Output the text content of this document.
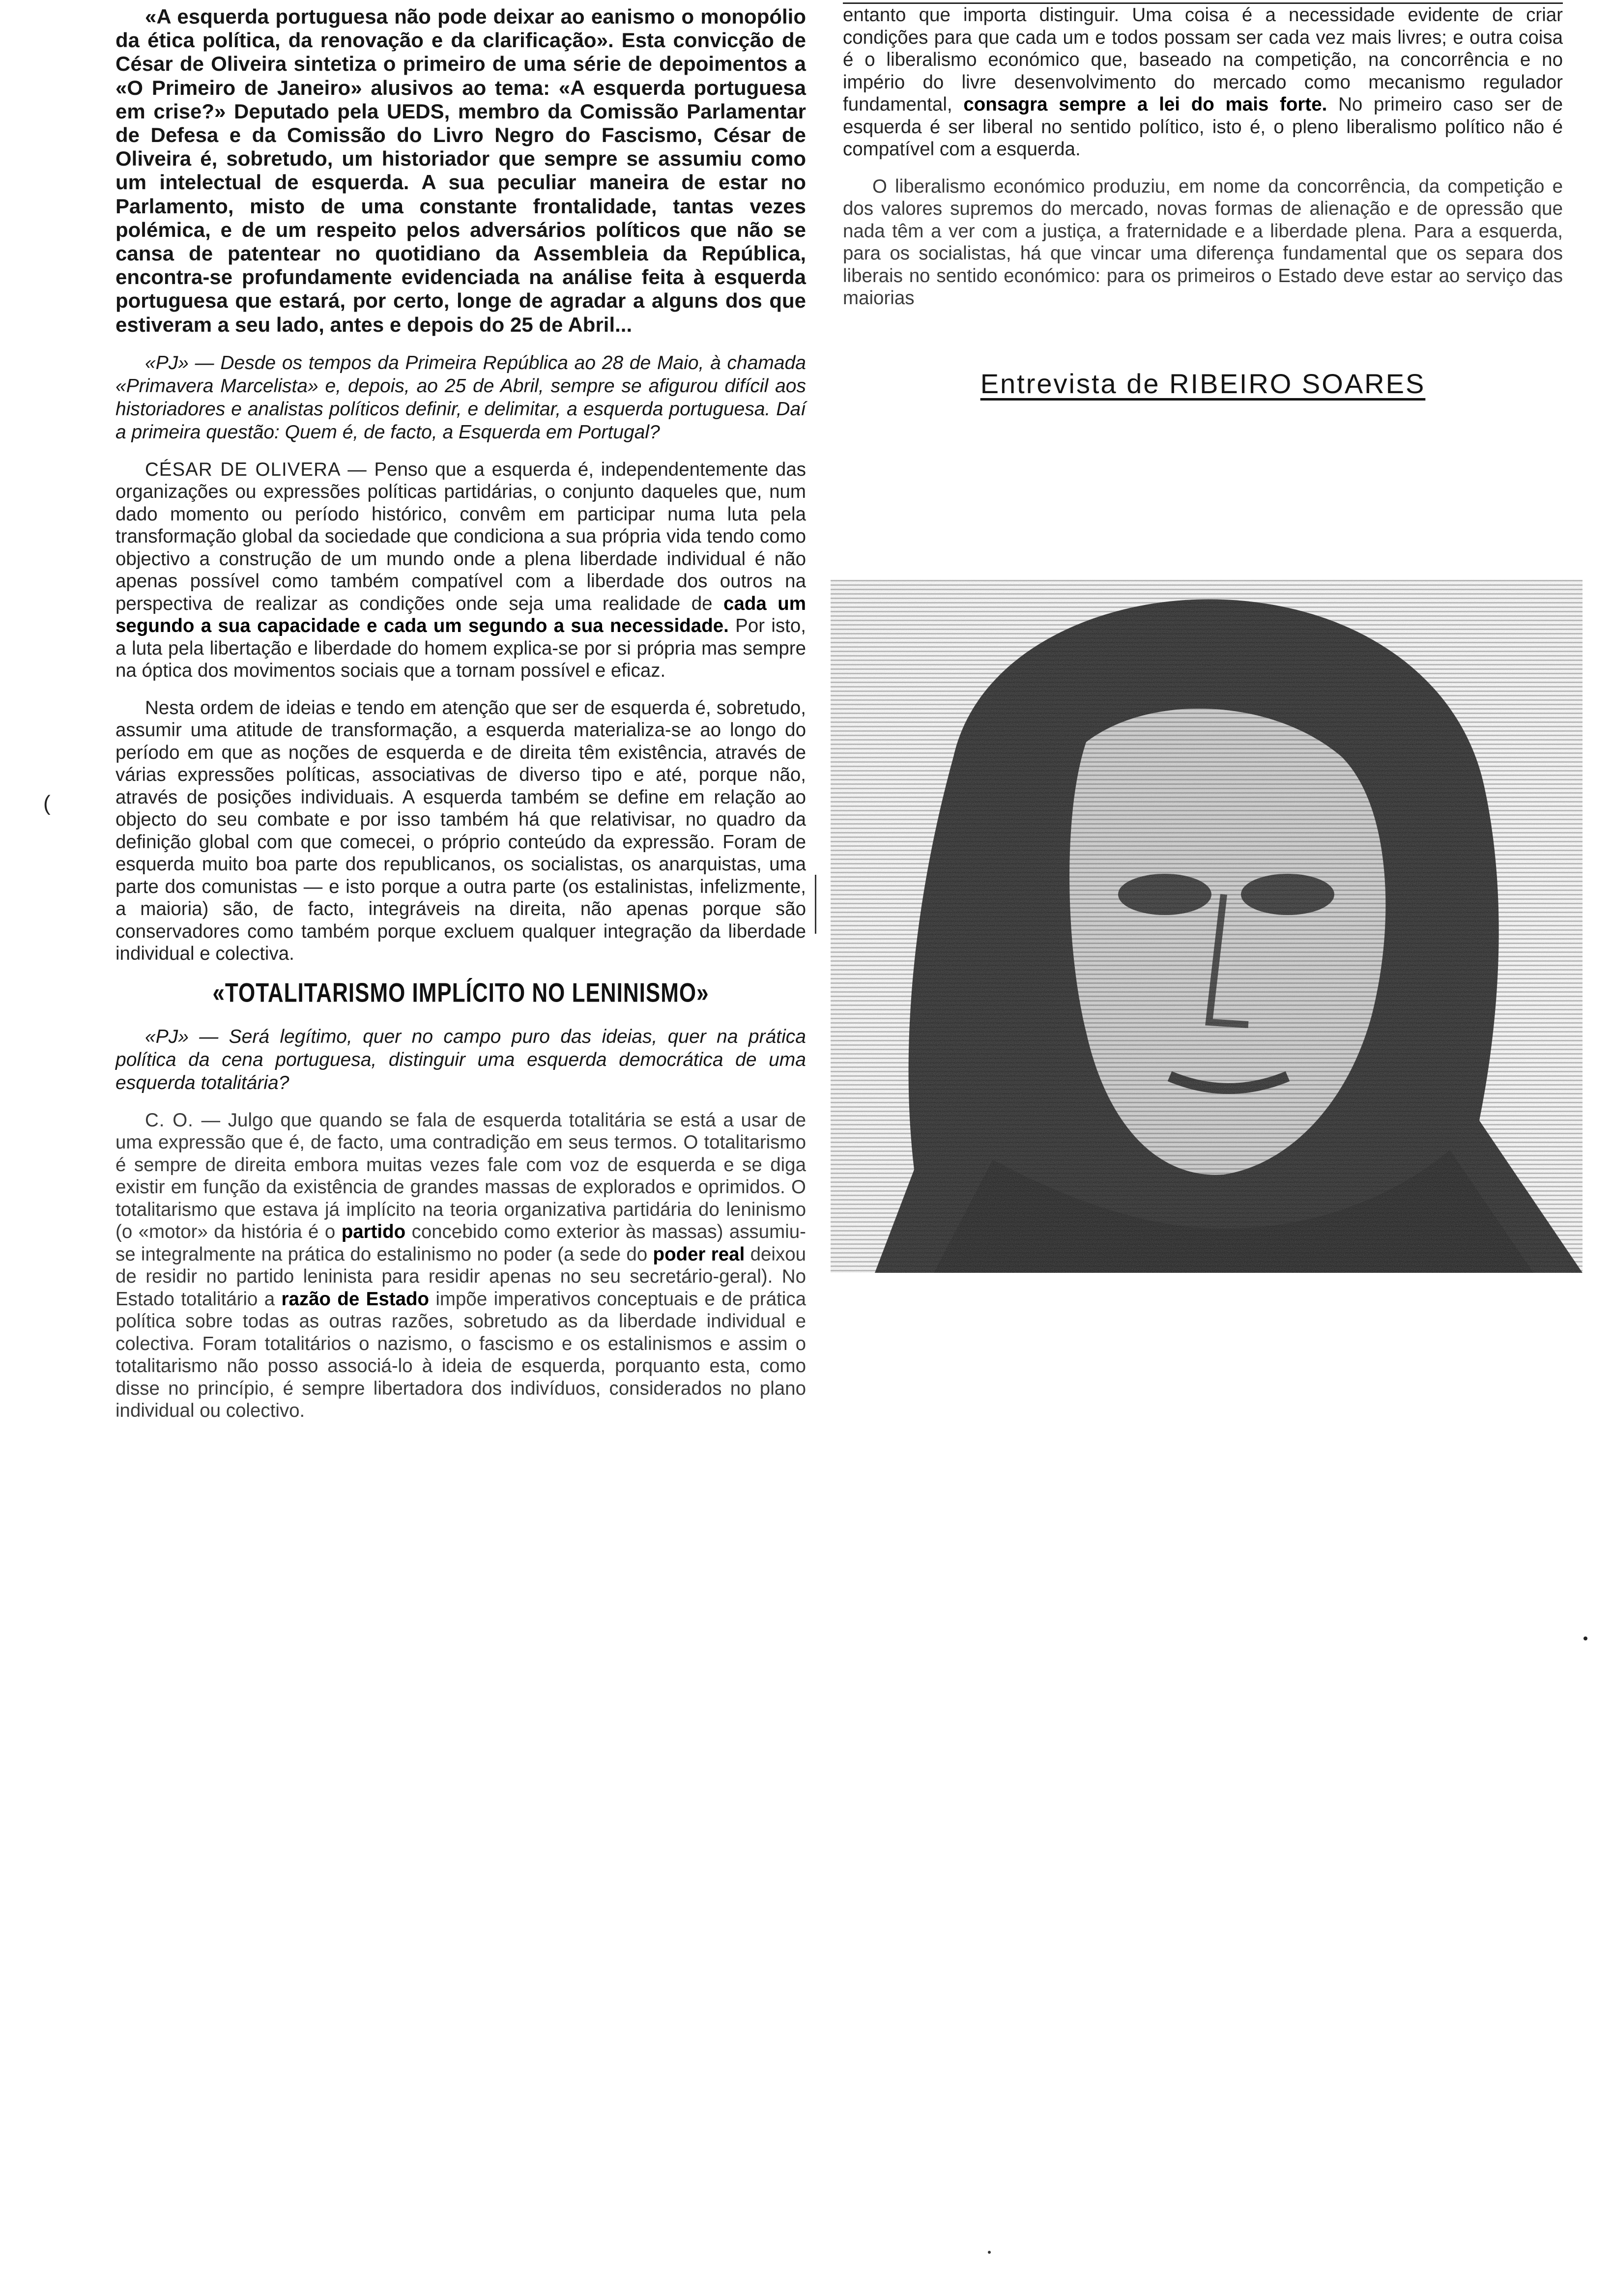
«A esquerda portuguesa não pode deixar ao eanismo o monopólio da ética política, da renovação e da clarificação». Esta convicção de César de Oliveira sintetiza o primeiro de uma série de depoimentos a «O Primeiro de Janeiro» alusivos ao tema: «A esquerda portuguesa em crise?» Deputado pela UEDS, membro da Comissão Parlamentar de Defesa e da Comissão do Livro Negro do Fascismo, César de Oliveira é, sobretudo, um historiador que sempre se assumiu como um intelectual de esquerda. A sua peculiar maneira de estar no Parlamento, misto de uma constante frontalidade, tantas vezes polémica, e de um respeito pelos adversários políticos que não se cansa de patentear no quotidiano da Assembleia da República, encontra-se profundamente evidenciada na análise feita à esquerda portuguesa que estará, por certo, longe de agradar a alguns dos que estiveram a seu lado, antes e depois do 25 de Abril...

«PJ» — Desde os tempos da Primeira República ao 28 de Maio, à chamada «Primavera Marcelista» e, depois, ao 25 de Abril, sempre se afigurou difícil aos historiadores e analistas políticos definir, e delimitar, a esquerda portuguesa. Daí a primeira questão: Quem é, de facto, a Esquerda em Portugal?

CÉSAR DE OLIVERA — Penso que a esquerda é, independentemente das organizações ou expressões políticas partidárias, o conjunto daqueles que, num dado momento ou período histórico, convêm em participar numa luta pela transformação global da sociedade que condiciona a sua própria vida tendo como objectivo a construção de um mundo onde a plena liberdade individual é não apenas possível como também compatível com a liberdade dos outros na perspectiva de realizar as condições onde seja uma realidade de cada um segundo a sua capacidade e cada um segundo a sua necessidade. Por isto, a luta pela libertação e liberdade do homem explica-se por si própria mas sempre na óptica dos movimentos sociais que a tornam possível e eficaz.

Nesta ordem de ideias e tendo em atenção que ser de esquerda é, sobretudo, assumir uma atitude de transformação, a esquerda materializa-se ao longo do período em que as noções de esquerda e de direita têm existência, através de várias expressões políticas, associativas de diverso tipo e até, porque não, através de posições individuais. A esquerda também se define em relação ao objecto do seu combate e por isso também há que relativisar, no quadro da definição global com que comecei, o próprio conteúdo da expressão. Foram de esquerda muito boa parte dos republicanos, os socialistas, os anarquistas, uma parte dos comunistas — e isto porque a outra parte (os estalinistas, infelizmente, a maioria) são, de facto, integráveis na direita, não apenas porque são conservadores como também porque excluem qualquer integração da liberdade individual e colectiva.

«TOTALITARISMO IMPLÍCITO NO LENINISMO»

«PJ» — Será legítimo, quer no campo puro das ideias, quer na prática política da cena portuguesa, distinguir uma esquerda democrática de uma esquerda totalitária?

C. O. — Julgo que quando se fala de esquerda totalitária se está a usar de uma expressão que é, de facto, uma contradição em seus termos. O totalitarismo é sempre de direita embora muitas vezes fale com voz de esquerda e se diga existir em função da existência de grandes massas de explorados e oprimidos. O totalitarismo que estava já implícito na teoria organizativa partidária do leninismo (o «motor» da história é o partido concebido como exterior às massas) assumiu-se integralmente na prática do estalinismo no poder (a sede do poder real deixou de residir no partido leninista para residir apenas no seu secretário-geral). No Estado totalitário a razão de Estado impõe imperativos conceptuais e de prática política sobre todas as outras razões, sobretudo as da liberdade individual e colectiva. Foram totalitários o nazismo, o fascismo e os estalinismos e assim o totalitarismo não posso associá-lo à ideia de esquerda, porquanto esta, como disse no princípio, é sempre libertadora dos indivíduos, considerados no plano individual ou colectivo.

entanto que importa distinguir. Uma coisa é a necessidade evidente de criar condições para que cada um e todos possam ser cada vez mais livres; e outra coisa é o liberalismo económico que, baseado na competição, na concorrência e no império do livre desenvolvimento do mercado como mecanismo regulador fundamental, consagra sempre a lei do mais forte. No primeiro caso ser de esquerda é ser liberal no sentido político, isto é, o pleno liberalismo político não é compatível com a esquerda.

O liberalismo económico produziu, em nome da concorrência, da competição e dos valores supremos do mercado, novas formas de alienação e de opressão que nada têm a ver com a justiça, a fraternidade e a liberdade plena. Para a esquerda, para os socialistas, há que vincar uma diferença fundamental que os separa dos liberais no sentido económico: para os primeiros o Estado deve estar ao serviço das maiorias

Entrevista de RIBEIRO SOARES
(
